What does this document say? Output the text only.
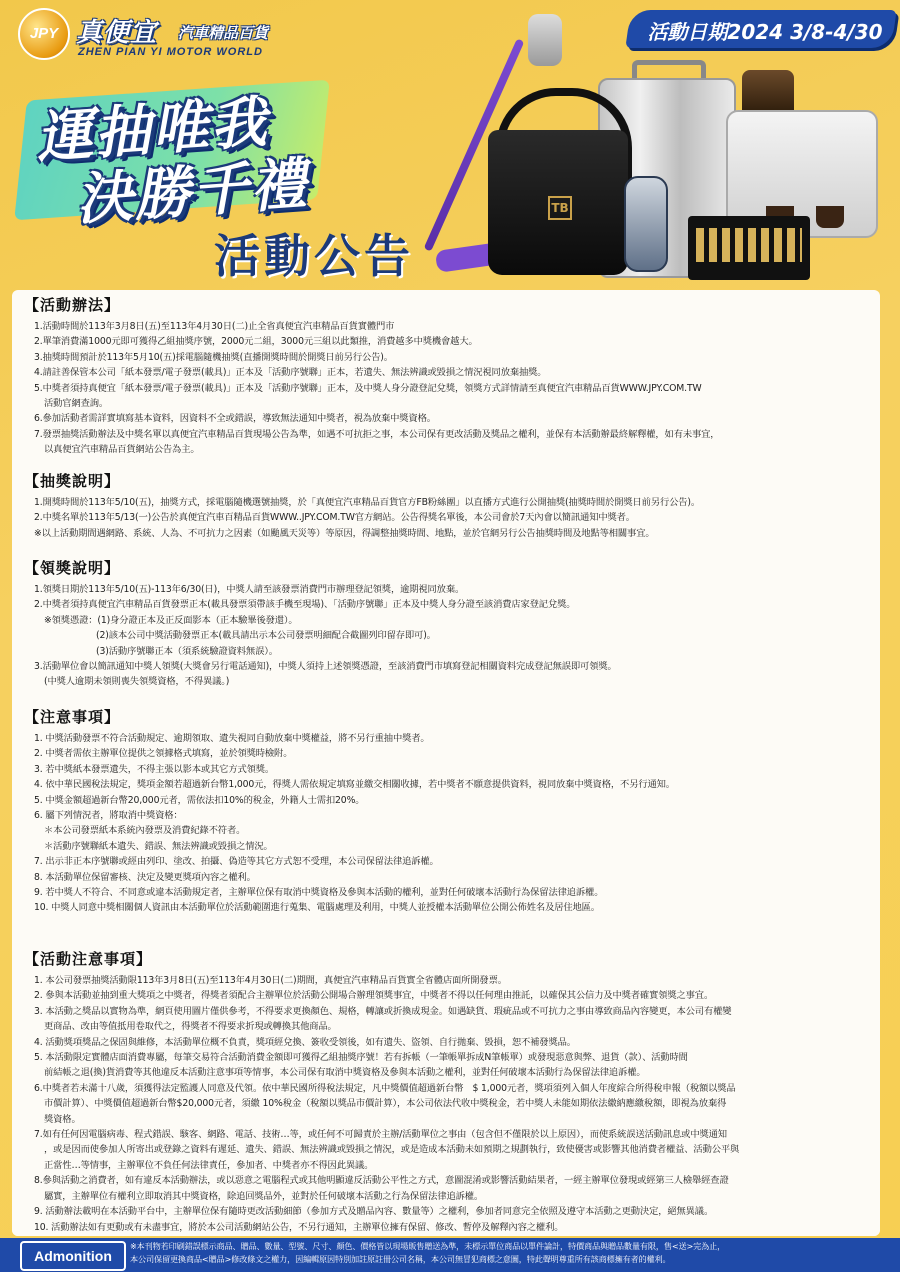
JPY 真便宜 汽車精品百貨
ZHEN PIAN YI MOTOR WORLD
活動日期2024 3/8-4/30
運抽唯我
決勝千禮
活動公告
TB
【活動辦法】
1.活動時間於113年3月8日(五)至113年4月30日(二)止全省真便宜汽車精品百貨實體門市
2.單筆消費滿1000元即可獲得乙組抽獎序號，2000元二組，3000元三組以此類推，消費越多中獎機會越大。
3.抽獎時間預計於113年5月10(五)採電腦隨機抽獎(直播開獎時間於開獎日前另行公告)。
4.請註善保管本公司「紙本發票/電子發票(載具)」正本及「活動序號聯」正本，若遺失、無法辨識或毀損之情況視同放棄抽獎。
5.中獎者須持真便宜「紙本發票/電子發票(載具)」正本及「活動序號聯」正本，及中獎人身分證登記兌獎，領獎方式詳情請至真便宜汽車精品百貨WWW.JPY.COM.TW
活動官網查詢。
6.參加活動者需詳實填寫基本資料，因資料不全或錯誤，導致無法通知中獎者，視為放棄中獎資格。
7.發票抽獎活動辦法及中獎名單以真便宜汽車精品百貨現場公告為準，如遇不可抗拒之事，本公司保有更改活動及獎品之權利，並保有本活動辦最終解釋權，如有未事宜，
以真便宜汽車精品百貨網站公告為主。
【抽獎說明】
1.開獎時間於113年5/10(五)，抽獎方式，採電腦隨機選號抽獎，於「真便宜汽車精品百貨官方FB粉絲團」以直播方式進行公開抽獎(抽獎時間於開獎日前另行公告)。
2.中獎名單於113年5/13(一)公告於真便宜汽車百精品百貨WWW..JPY.COM.TW官方網站。公告得獎名單後，本公司會於7天內會以簡訊通知中獎者。
※以上活動期間遇網路、系統、人為、不可抗力之因素（如颱風天災等）等原因，得調整抽獎時間、地點，並於官網另行公告抽獎時間及地點等相關事宜。
【領獎說明】
1.領獎日期於113年5/10(五)-113年6/30(日)，中獎人請至該發票消費門市辦理登記領獎，逾期視同放棄。
2.中獎者須持真便宜汽車精品百貨發票正本(載具發票須帶該手機至現場)、「活動序號聯」正本及中獎人身分證至該消費店家登記兌獎。
※領獎憑證：(1)身分證正本及正反面影本（正本驗畢後發還）。
(2)該本公司中獎活動發票正本(載具請出示本公司發票明細配合截圖列印留存即可)。
(3)活動序號聯正本（須系統驗證資料無誤）。
3.活動單位會以簡訊通知中獎人領獎(大獎會另行電話通知)，中獎人須持上述領獎憑證，至該消費門市填寫登記相關資料完成登記無誤即可領獎。
(中獎人逾期未領則喪失領獎資格，不得異議。)
【注意事項】
1. 中獎活動發票不符合活動規定、逾期領取、遺失視同自動放棄中獎權益，將不另行重抽中獎者。
2. 中獎者需依主辦單位提供之領據格式填寫，並於領獎時檢附。
3. 若中獎紙本發票遺失，不得主張以影本或其它方式領獎。
4. 依中華民國稅法規定，獎項金額若超過新台幣1,000元，得獎人需依規定填寫並繳交相關收據，若中獎者不願意提供資料，視同放棄中獎資格，不另行通知。
5. 中獎金額超過新台幣20,000元者，需依法扣10%的稅金，外籍人士需扣20%。
6. 屬下列情況者，將取消中獎資格：
＊本公司發票紙本系統內發票及消費紀錄不符者。
＊活動序號聯紙本遺失、錯誤、無法辨識或毀損之情況。
7. 出示非正本序號聯或經由列印、塗改、拍攝、偽造等其它方式恕不受理，本公司保留法律追訴權。
8. 本活動單位保留審核、決定及變更獎項內容之權利。
9. 若中獎人不符合、不同意或違本活動規定者，主辦單位保有取消中獎資格及參與本活動的權利，並對任何破壞本活動行為保留法律追訴權。
10. 中獎人同意中獎相關個人資訊由本活動單位於活動範圍進行蒐集、電腦處理及利用，中獎人並授權本活動單位公開公佈姓名及居住地區。
【活動注意事項】
1. 本公司發票抽獎活動限113年3月8日(五)至113年4月30日(二)期間，真便宜汽車精品百貨實全省體店面所開發票。
2. 參與本活動並抽到重大獎項之中獎者，得獎者須配合主辦單位於活動公開場合辦理領獎事宜，中獎者不得以任何理由推託，以確保其公信力及中獎者確實領獎之事宜。
3. 本活動之獎品以實物為準，網頁使用圖片僅供參考，不得要求更換顏色、規格，轉讓或折換成現金。如遇缺貨、瑕疵品或不可抗力之事由導致商品內容變更，本公司有權變
更商品、改由等值抵用卷取代之，得獎者不得要求折現或轉換其他商品。
4. 活動獎項獎品之保固與維修，本活動單位概不負責，獎項經兌換、簽收受領後，如有遺失、盜領、自行拋棄、毀損，恕不補發獎品。
5. 本活動限定實體店面消費專屬，每筆交易符合活動消費金額即可獲得乙組抽獎序號！若有拆帳（一筆帳單拆成N筆帳單）或發現惡意與弊、退貨（款）、活動時間
前結帳之退(換)貨消費等其他違反本活動注意事項等情事，本公司保有取消中獎資格及參與本活動之權利，並對任何破壞本活動行為保留法律追訴權。
6.中獎者若未滿十八歲，須獲得法定監護人同意及代領。依中華民國所得稅法規定，凡中獎價值超過新台幣　$ 1,000元者，獎項須列入個人年度綜合所得稅申報（稅額以獎品
市價計算）、中獎價值超過新台幣$20,000元者，須繳 10%稅金（稅額以獎品市價計算），本公司依法代收中獎稅金，若中獎人未能如期依法繳納應繳稅額，即視為放棄得
獎資格。
7.如有任何因電腦病毒、程式錯誤、駭客、網路、電話、技術…等，或任何不可歸責於主辦/活動單位之事由（包含但不僅限於以上原因），而使系統誤送活動訊息或中獎通知
，或是因而使參加人所寄出或登錄之資料有遲延、遺失、錯誤、無法辨識或毀損之情況，或是造成本活動未如預期之規劃執行，致使優害或影響其他消費者權益、活動公平與
正當性…等情事，主辦單位不負任何法律責任，參加者、中獎者亦不得因此異議。
8.參與活動之消費者，如有違反本活動辦法，或以惡意之電腦程式或其他明顯違反活動公平性之方式，意圖混淆或影響活動結果者，一經主辦單位發現或經第三人檢舉經查證
屬實，主辦單位有權利立即取消其中獎資格，除追回獎品外，並對於任何破壞本活動之行為保留法律追訴權。
9. 活動辦法載明在本活動平台中，主辦單位保有隨時更改活動細節（參加方式及贈品內容、數量等）之權利，參加者同意完全依照及遵守本活動之更動決定，絕無異議。
10. 活動辦法如有更動或有未盡事宜，將於本公司活動網站公告，不另行通知，主辦單位擁有保留、修改、暫停及解釋內容之權利。
Admonition
※本刊物若印刷錯誤標示商品、贈品、數量、型號、尺寸、顏色、價格皆以現場販售贈送為準，未標示單位商品以單件論計，特價商品與贈品數量有限，售<送>完為止，
本公司保留更換商品<贈品>修改條文之權力，因編輯原因特別加註原註冊公司名稱，本公司無冒犯商標之意圖，特此聲明尊重所有該商標擁有者的權利。
